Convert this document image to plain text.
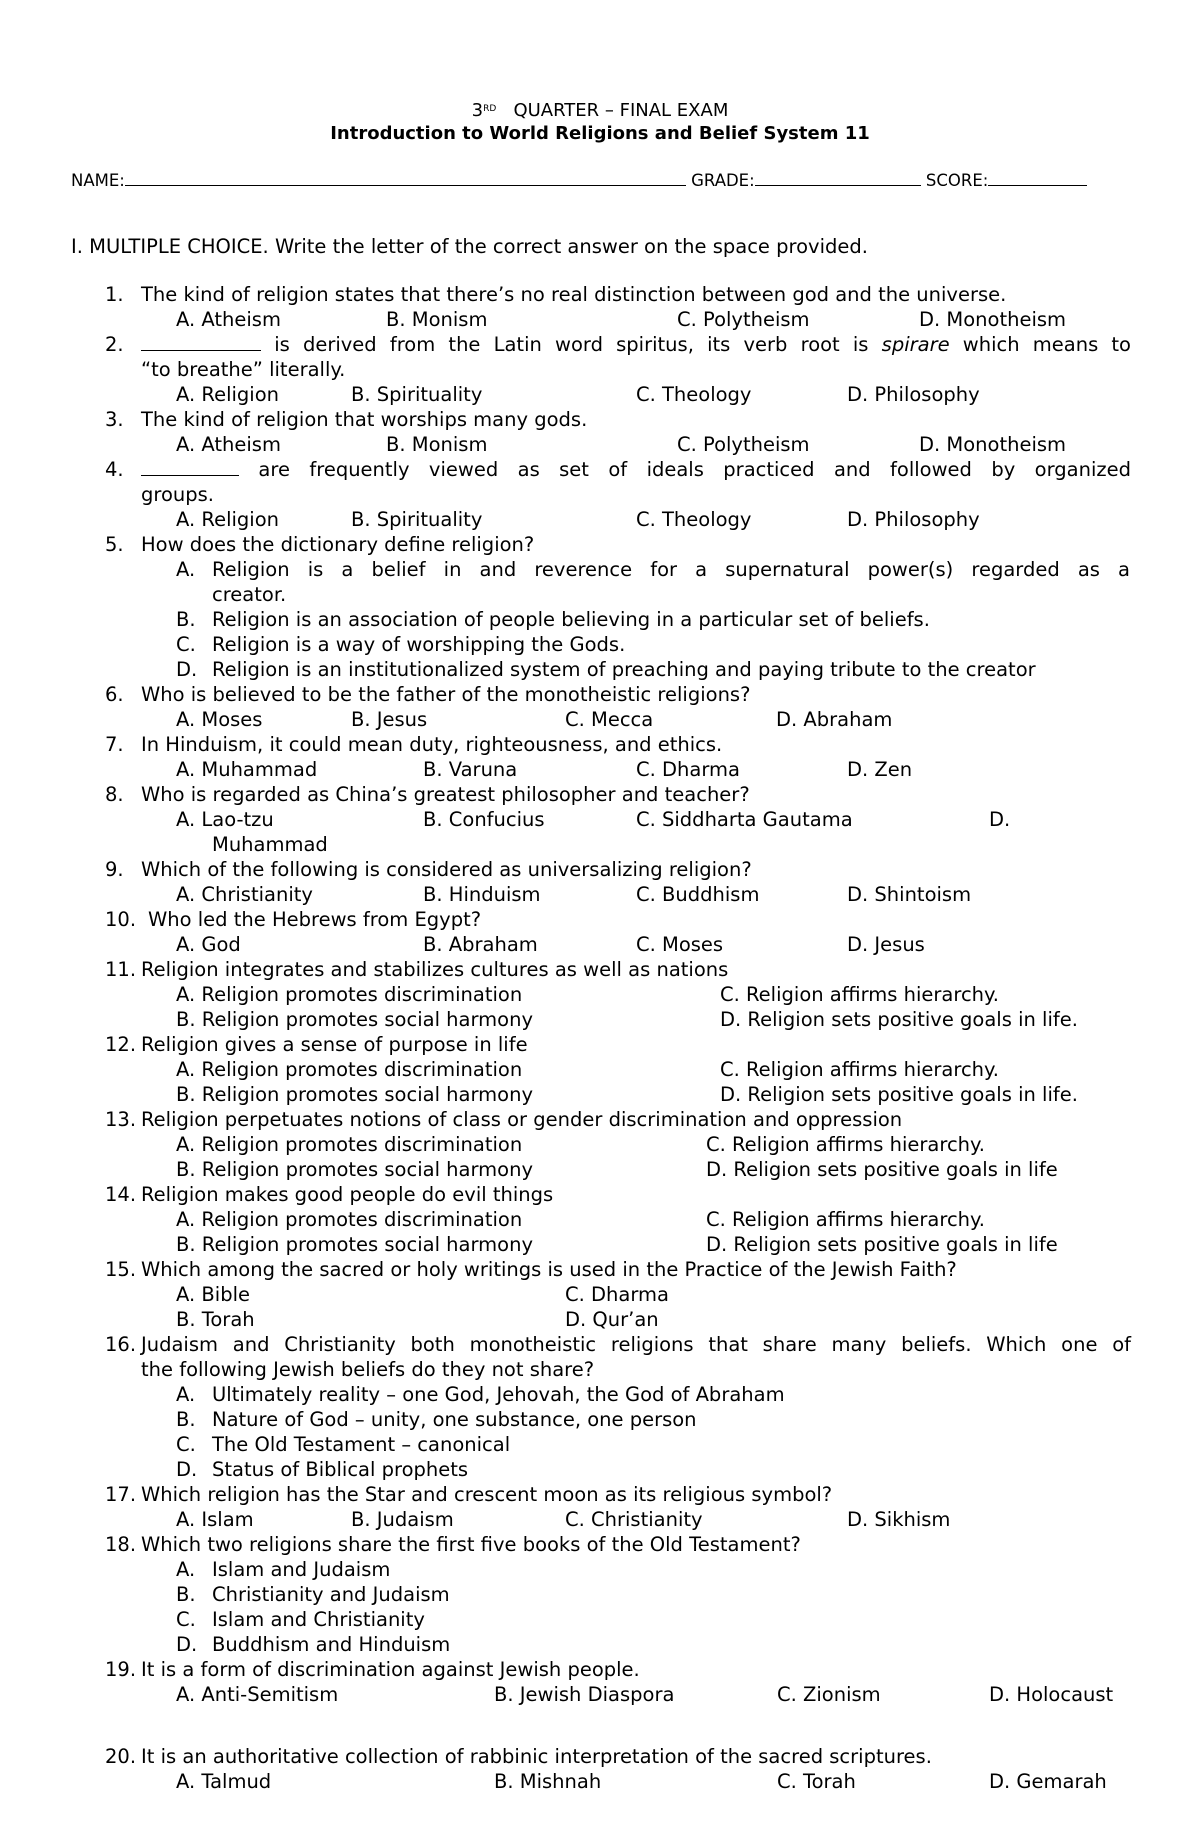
3RD QUARTER – FINAL EXAM
Introduction to World Religions and Belief System 11
NAME:	GRADE:	SCORE:
I. MULTIPLE CHOICE. Write the letter of the correct answer on the space provided.
1. The kind of religion states that there’s no real distinction between god and the universe.
A. Atheism	B. Monism	C. Polytheism	D. Monotheism
2.	is derived from the Latin word spiritus, its verb root is spirare which means to
“to breathe” literally.
A. Religion	B. Spirituality	C. Theology	D. Philosophy
3. The kind of religion that worships many gods.
A. Atheism	B. Monism	C. Polytheism	D. Monotheism
4.	are frequently viewed as set of ideals practiced and followed by organized
groups.
A. Religion	B. Spirituality	C. Theology	D. Philosophy
5. How does the dictionary define religion?
A. Religion is a belief in and reverence for a supernatural power(s) regarded as a
creator.
B. Religion is an association of people believing in a particular set of beliefs.
C. Religion is a way of worshipping the Gods.
D. Religion is an institutionalized system of preaching and paying tribute to the creator
6. Who is believed to be the father of the monotheistic religions?
A. Moses	B. Jesus	C. Mecca	D. Abraham
7. In Hinduism, it could mean duty, righteousness, and ethics.
A. Muhammad	B. Varuna	C. Dharma	D. Zen
8. Who is regarded as China’s greatest philosopher and teacher?
A. Lao-tzu	B. Confucius	C. Siddharta Gautama	D.
Muhammad
9. Which of the following is considered as universalizing religion?
A. Christianity	B. Hinduism	C. Buddhism	D. Shintoism
10. Who led the Hebrews from Egypt?
A. God	B. Abraham	C. Moses	D. Jesus
11. Religion integrates and stabilizes cultures as well as nations
A. Religion promotes discrimination	C. Religion affirms hierarchy.
B. Religion promotes social harmony	D. Religion sets positive goals in life.
12. Religion gives a sense of purpose in life
A. Religion promotes discrimination	C. Religion affirms hierarchy.
B. Religion promotes social harmony	D. Religion sets positive goals in life.
13. Religion perpetuates notions of class or gender discrimination and oppression
A. Religion promotes discrimination	C. Religion affirms hierarchy.
B. Religion promotes social harmony	D. Religion sets positive goals in life
14. Religion makes good people do evil things
A. Religion promotes discrimination	C. Religion affirms hierarchy.
B. Religion promotes social harmony	D. Religion sets positive goals in life
15. Which among the sacred or holy writings is used in the Practice of the Jewish Faith?
A. Bible	C. Dharma
B. Torah	D. Qur’an
16. Judaism and Christianity both monotheistic religions that share many beliefs. Which one of
the following Jewish beliefs do they not share?
A. Ultimately reality – one God, Jehovah, the God of Abraham
B. Nature of God – unity, one substance, one person
C. The Old Testament – canonical
D. Status of Biblical prophets
17. Which religion has the Star and crescent moon as its religious symbol?
A. Islam	B. Judaism	C. Christianity	D. Sikhism
18. Which two religions share the first five books of the Old Testament?
A. Islam and Judaism
B. Christianity and Judaism
C. Islam and Christianity
D. Buddhism and Hinduism
19. It is a form of discrimination against Jewish people.
A. Anti-Semitism	B. Jewish Diaspora	C. Zionism	D. Holocaust
20. It is an authoritative collection of rabbinic interpretation of the sacred scriptures.
A. Talmud	B. Mishnah	C. Torah	D. Gemarah
